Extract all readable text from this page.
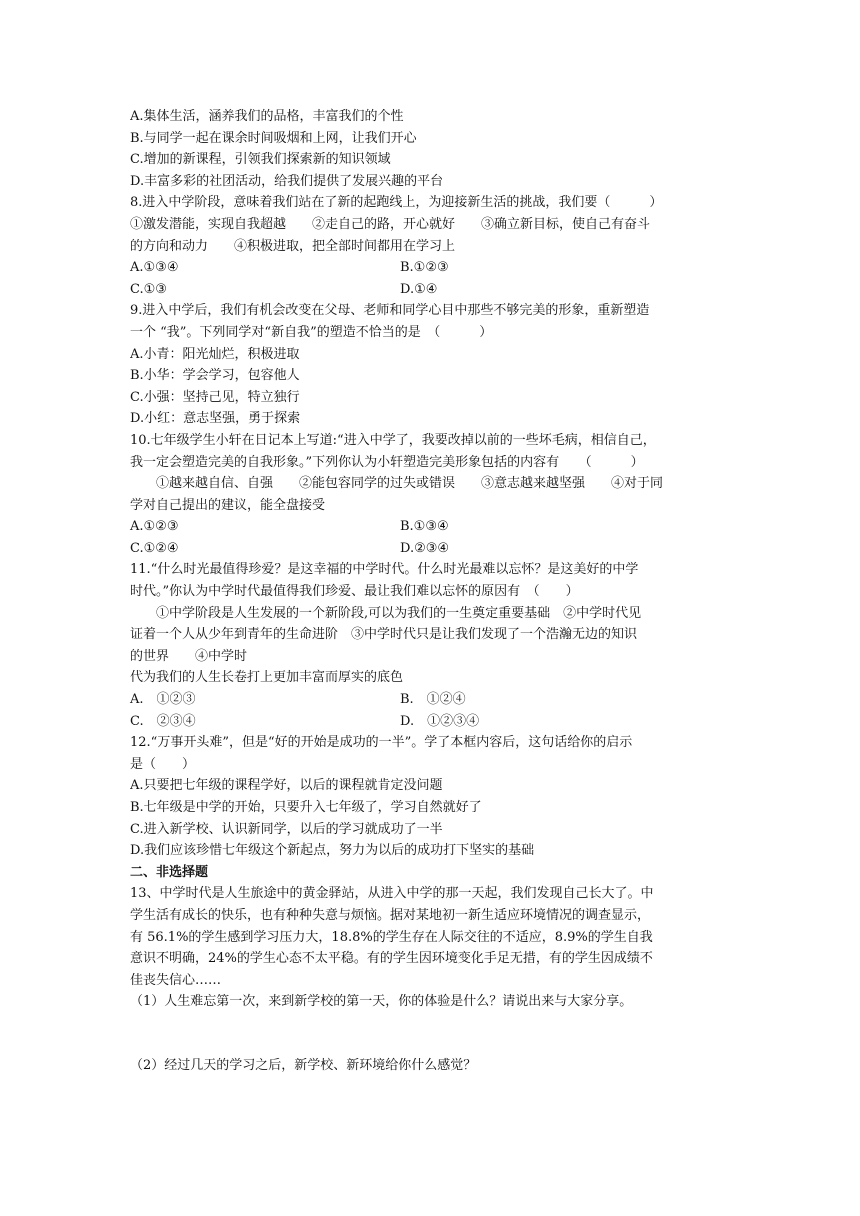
A.集体生活，涵养我们的品格，丰富我们的个性
B.与同学一起在课余时间吸烟和上网，让我们开心
C.增加的新课程，引领我们探索新的知识领域
D.丰富多彩的社团活动，给我们提供了发展兴趣的平台
8.进入中学阶段，意味着我们站在了新的起跑线上，为迎接新生活的挑战，我们要（　　　）
①激发潜能，实现自我超越　　②走自己的路，开心就好　　③确立新目标，使自己有奋斗
的方向和动力　　④积极进取，把全部时间都用在学习上
A.①③④	B.①②③
C.①③	D.①④
9.进入中学后，我们有机会改变在父母、老师和同学心目中那些不够完美的形象，重新塑造
一个 “我”。下列同学对“新自我”的塑造不恰当的是　（　　　）
A.小青：阳光灿烂，积极进取
B.小华：学会学习，包容他人
C.小强：坚持己见，特立独行
D.小红：意志坚强，勇于探索
10.七年级学生小轩在日记本上写道:“进入中学了，我要改掉以前的一些坏毛病，相信自己，
我一定会塑造完美的自我形象。”下列你认为小轩塑造完美形象包括的内容有　　（　　　）
①越来越自信、自强　　②能包容同学的过失或错误　　③意志越来越坚强　　④对于同
学对自己提出的建议，能全盘接受
A.①②③	B.①③④
C.①②④	D.②③④
11.“什么时光最值得珍爱？是这幸福的中学时代。什么时光最难以忘怀？是这美好的中学
时代。”你认为中学时代最值得我们珍爱、最让我们难以忘怀的原因有　（　　）
①中学阶段是人生发展的一个新阶段,可以为我们的一生奠定重要基础　②中学时代见
证着一个人从少年到青年的生命进阶　③中学时代只是让我们发现了一个浩瀚无边的知识
的世界　　④中学时
代为我们的人生长卷打上更加丰富而厚实的底色
A.　①②③	B.　①②④
C.　②③④	D.　①②③④
12.“万事开头难”，但是“好的开始是成功的一半”。学了本框内容后，这句话给你的启示
是（　　）
A.只要把七年级的课程学好，以后的课程就肯定没问题
B.七年级是中学的开始，只要升入七年级了，学习自然就好了
C.进入新学校、认识新同学，以后的学习就成功了一半
D.我们应该珍惜七年级这个新起点，努力为以后的成功打下坚实的基础
二、非选择题
13、中学时代是人生旅途中的黄金驿站，从进入中学的那一天起，我们发现自己长大了。中
学生活有成长的快乐，也有种种失意与烦恼。据对某地初一新生适应环境情况的调查显示，
有 56.1%的学生感到学习压力大，18.8%的学生存在人际交往的不适应，8.9%的学生自我
意识不明确，24%的学生心态不太平稳。有的学生因环境变化手足无措，有的学生因成绩不
佳丧失信心……
（1）人生难忘第一次，来到新学校的第一天，你的体验是什么？请说出来与大家分享。
（2）经过几天的学习之后，新学校、新环境给你什么感觉？
